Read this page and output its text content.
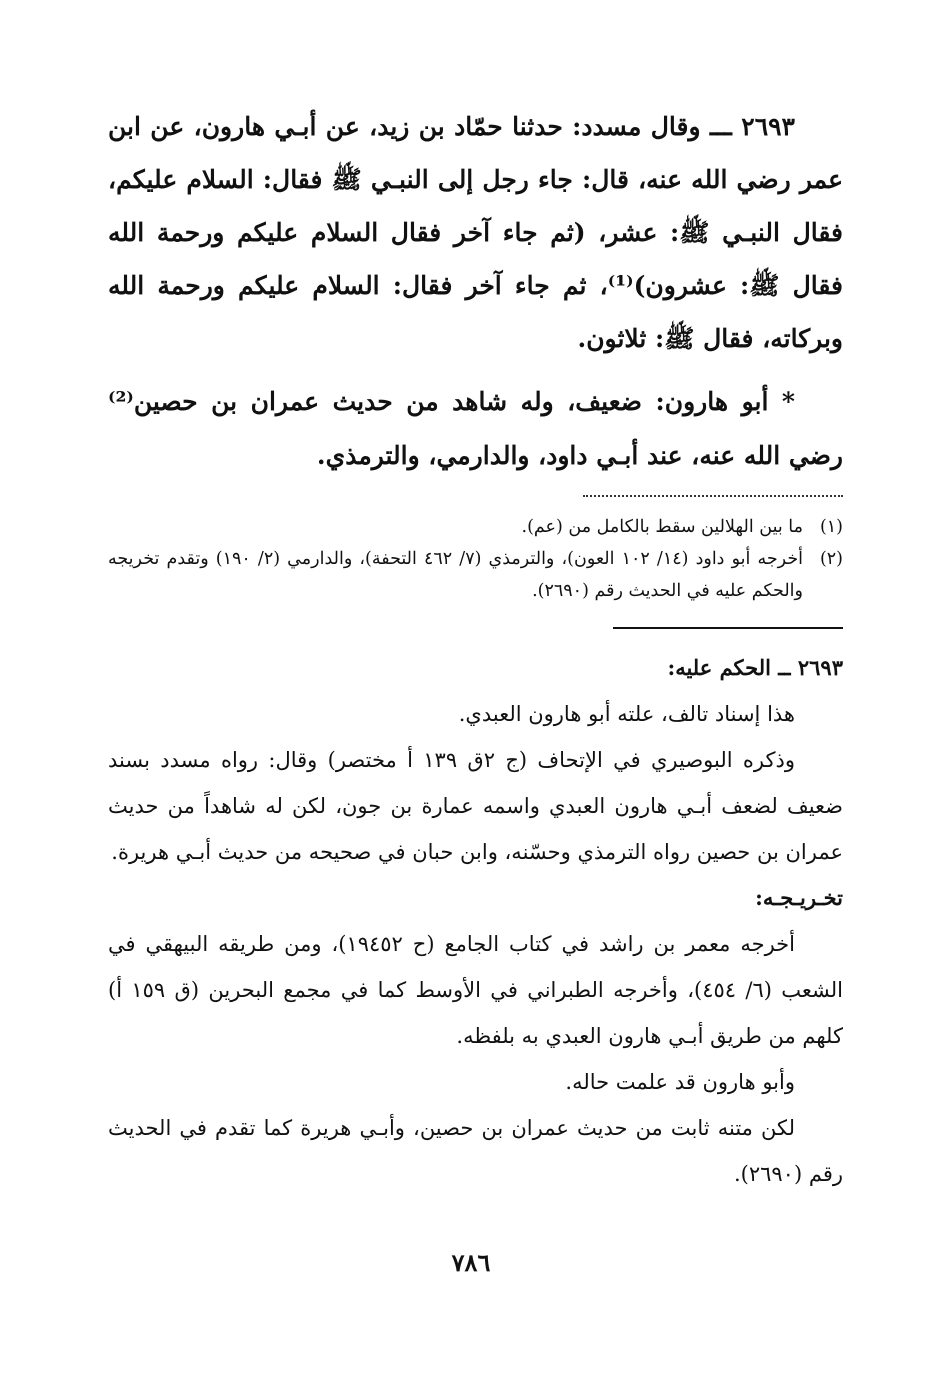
٢٦٩٣ ـــ وقال مسدد: حدثنا حمّاد بن زيد، عن أبـي هارون، عن ابن عمر رضي الله عنه، قال: جاء رجل إلى النبـي ﷺ فقال: السلام عليكم، فقال النبـي ﷺ: عشر، (ثم جاء آخر فقال السلام عليكم ورحمة الله فقال ﷺ: عشرون)⁽¹⁾، ثم جاء آخر فقال: السلام عليكم ورحمة الله وبركاته، فقال ﷺ: ثلاثون.

* أبو هارون: ضعيف، وله شاهد من حديث عمران بن حصين⁽²⁾ رضي الله عنه، عند أبـي داود، والدارمي، والترمذي.

(١)
ما بين الهلالين سقط بالكامل من (عم).
(٢)
أخرجه أبو داود (١٤/ ١٠٢ العون)، والترمذي (٧/ ٤٦٢ التحفة)، والدارمي (٢/ ١٩٠) وتقدم تخريجه والحكم عليه في الحديث رقم (٢٦٩٠).

٢٦٩٣ ــ الحكم عليه:

هذا إسناد تالف، علته أبو هارون العبدي.

وذكره البوصيري في الإتحاف (ج ٢ق ١٣٩ أ مختصر) وقال: رواه مسدد بسند ضعيف لضعف أبـي هارون العبدي واسمه عمارة بن جون، لكن له شاهداً من حديث عمران بن حصين رواه الترمذي وحسّنه، وابن حبان في صحيحه من حديث أبـي هريرة.

تخـريـجـه:

أخرجه معمر بن راشد في كتاب الجامع (ح ١٩٤٥٢)، ومن طريقه البيهقي في الشعب (٦/ ٤٥٤)، وأخرجه الطبراني في الأوسط كما في مجمع البحرين (ق ١٥٩ أ) كلهم من طريق أبـي هارون العبدي به بلفظه.

وأبو هارون قد علمت حاله.

لكن متنه ثابت من حديث عمران بن حصين، وأبـي هريرة كما تقدم في الحديث رقم (٢٦٩٠).

٧٨٦
